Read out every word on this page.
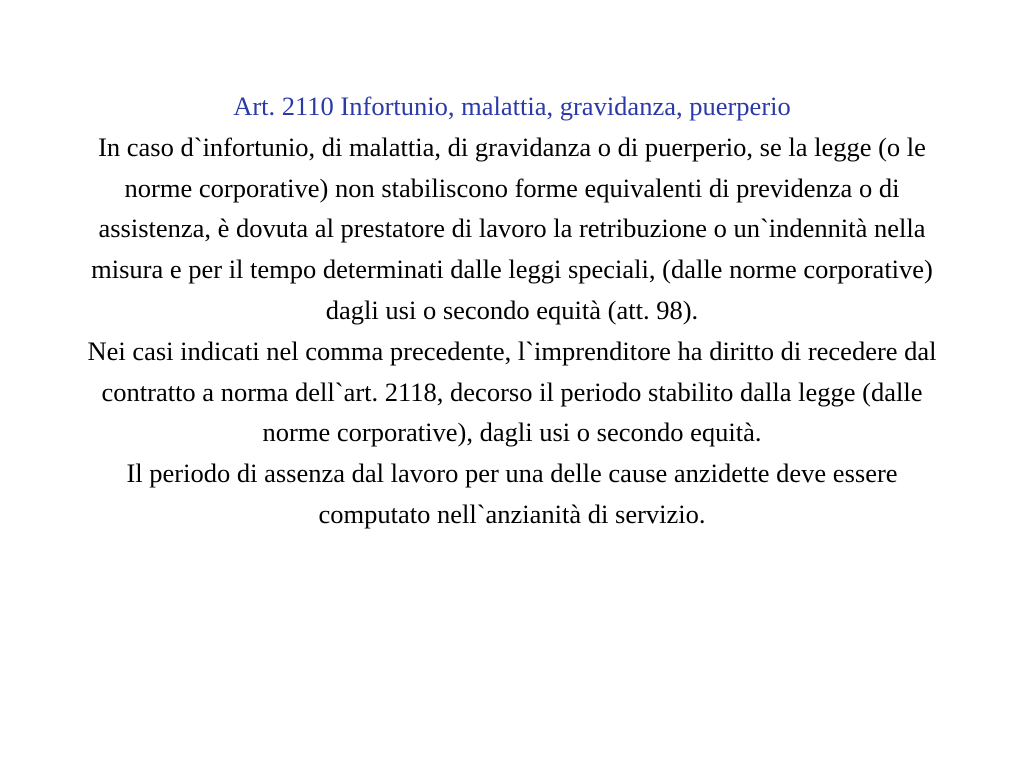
Art. 2110 Infortunio, malattia, gravidanza, puerperio
In caso d`infortunio, di malattia, di gravidanza o di puerperio, se la legge (o le norme corporative) non stabiliscono forme equivalenti di previdenza o di assistenza, è dovuta al prestatore di lavoro la retribuzione o un`indennità nella misura e per il tempo determinati dalle leggi speciali, (dalle norme corporative) dagli usi o secondo equità (att. 98).
Nei casi indicati nel comma precedente, l`imprenditore ha diritto di recedere dal contratto a norma dell`art. 2118, decorso il periodo stabilito dalla legge (dalle norme corporative), dagli usi o secondo equità.
Il periodo di assenza dal lavoro per una delle cause anzidette deve essere computato nell`anzianità di servizio.
